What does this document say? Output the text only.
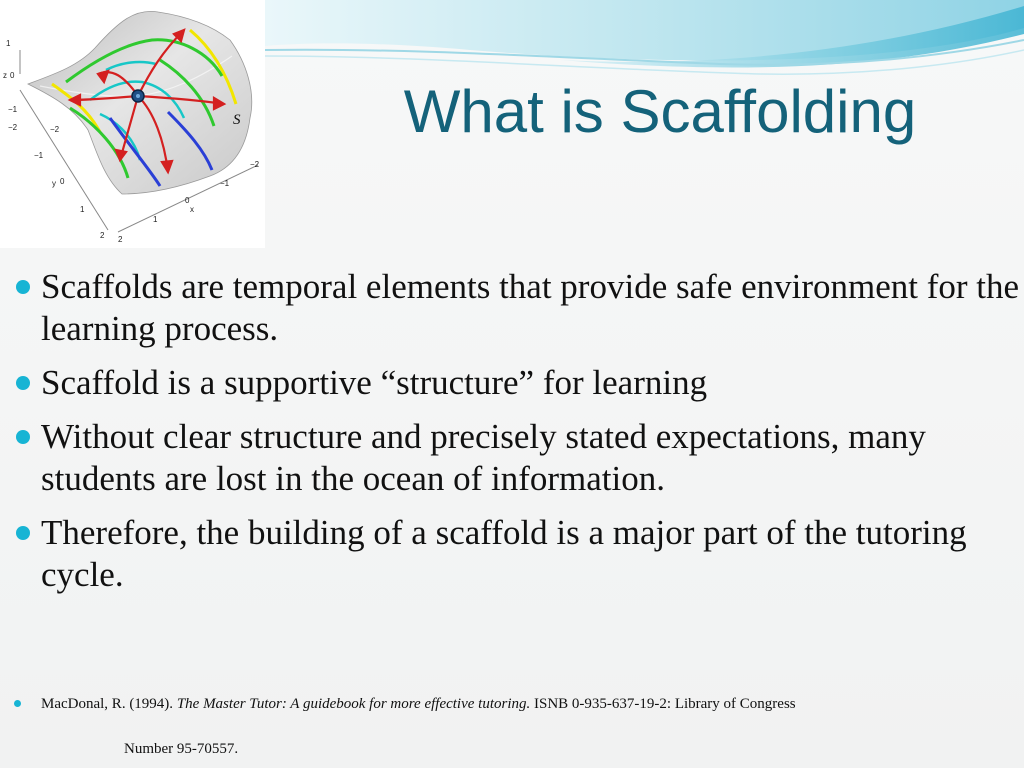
1
z 0
−1
−2	−2
−1
y 0
1
2 2
1
0
x
−1
−2
S	What is Scaffolding
Scaffolds are temporal elements that provide safe environment for the learning process.
Scaffold is a supportive “structure” for learning
Without clear structure and precisely stated expectations, many students are lost in the ocean of information.
Therefore, the building of a scaffold is a major part of the tutoring cycle.
MacDonal, R. (1994). The Master Tutor: A guidebook for more effective tutoring. ISNB 0-935-637-19-2: Library of Congress
Number 95-70557.
